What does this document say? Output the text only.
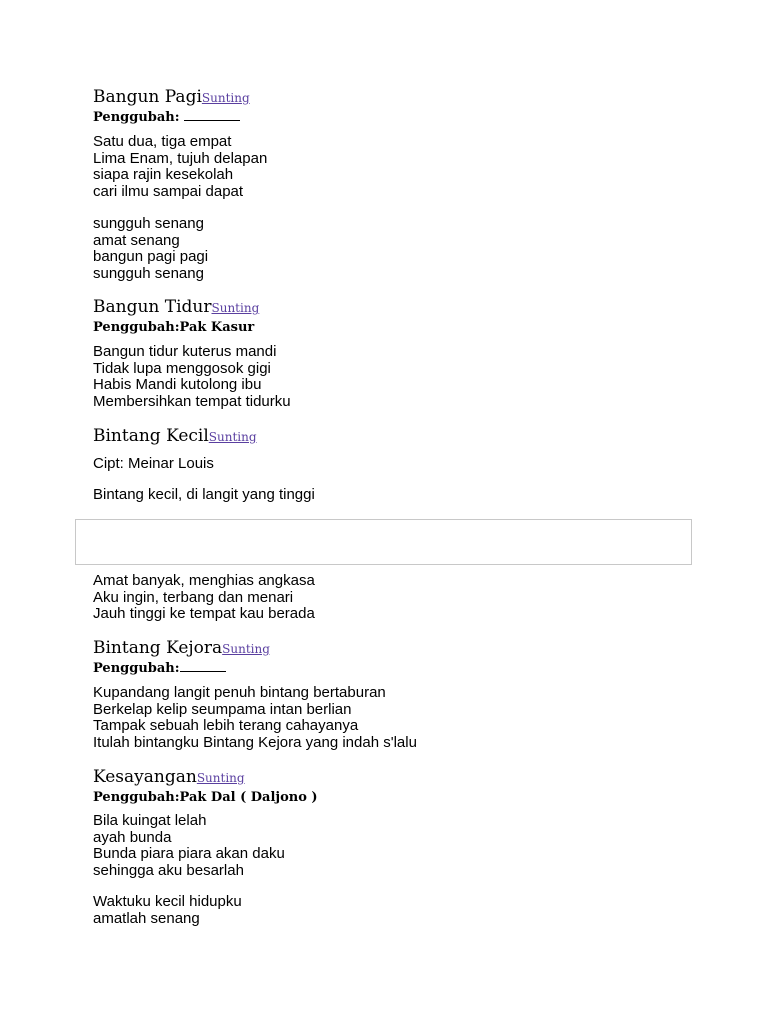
Bangun PagiSunting

Penggubah:

Satu dua, tiga empat
Lima Enam, tujuh delapan
siapa rajin kesekolah
cari ilmu sampai dapat
sungguh senang
amat senang
bangun pagi pagi
sungguh senang
Bangun TidurSunting

Penggubah:Pak Kasur

Bangun tidur kuterus mandi
Tidak lupa menggosok gigi
Habis Mandi kutolong ibu
Membersihkan tempat tidurku
Bintang KecilSunting

Cipt: Meinar Louis

Bintang kecil, di langit yang tinggi

Amat banyak, menghias angkasa
Aku ingin, terbang dan menari
Jauh tinggi ke tempat kau berada
Bintang KejoraSunting

Penggubah:

Kupandang langit penuh bintang bertaburan
Berkelap kelip seumpama intan berlian
Tampak sebuah lebih terang cahayanya
Itulah bintangku Bintang Kejora yang indah s'lalu
KesayanganSunting

Penggubah:Pak Dal ( Daljono )

Bila kuingat lelah
ayah bunda
Bunda piara piara akan daku
sehingga aku besarlah
Waktuku kecil hidupku
amatlah senang
